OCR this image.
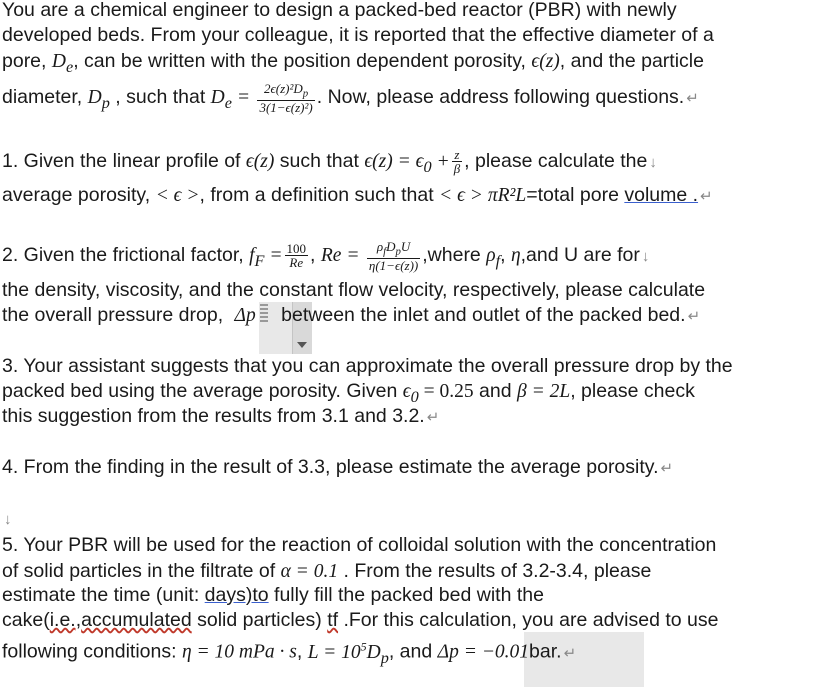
You are a chemical engineer to design a packed-bed reactor (PBR) with newly
developed beds. From your colleague, it is reported that the effective diameter of a
pore, $D_e$, can be written with the position dependent porosity, ϵ(z), and the particle
diameter, $D_p$ , such that $D_e = \frac{2\epsilon(z)^2D_p}{\text{3(1−ϵ(z)²)}}$ . Now, please address following questions. ↵
1. Given the linear profile of ϵ(z) such that $\epsilon(z) = \epsilon_0 + \frac{z}{\beta}$ , please calculate the ↓
average porosity, < ϵ >, from a definition such that < ϵ > πR²L=total pore volume . ↵
2. Given the frictional factor, $f_F = \frac{100}{Re}$ , $Re = \frac{\rho_fD_pU}{\eta(1-\epsilon(z))}$ ,where $\rho_f$, η,and U are for ↓
the density, viscosity, and the constant flow velocity, respectively, please calculate
the overall pressure drop, Δp between the inlet and outlet of the packed bed. ↵
3. Your assistant suggests that you can approximate the overall pressure drop by the
packed bed using the average porosity. Given $\epsilon_0 = 0.25$ and β = 2L, please check
this suggestion from the results from 3.1 and 3.2. ↵
4. From the finding in the result of 3.3, please estimate the average porosity. ↵
↓
5. Your PBR will be used for the reaction of colloidal solution with the concentration
of solid particles in the filtrate of α = 0.1 . From the results of 3.2-3.4, please
estimate the time (unit: days)to fully fill the packed bed with the
cake(i.e.,accumulated solid particles) tf .For this calculation, you are advised to use
following conditions: η = 10 mPa · s, $L = 10^5D_p$, and Δp = −0.01bar. ↵
